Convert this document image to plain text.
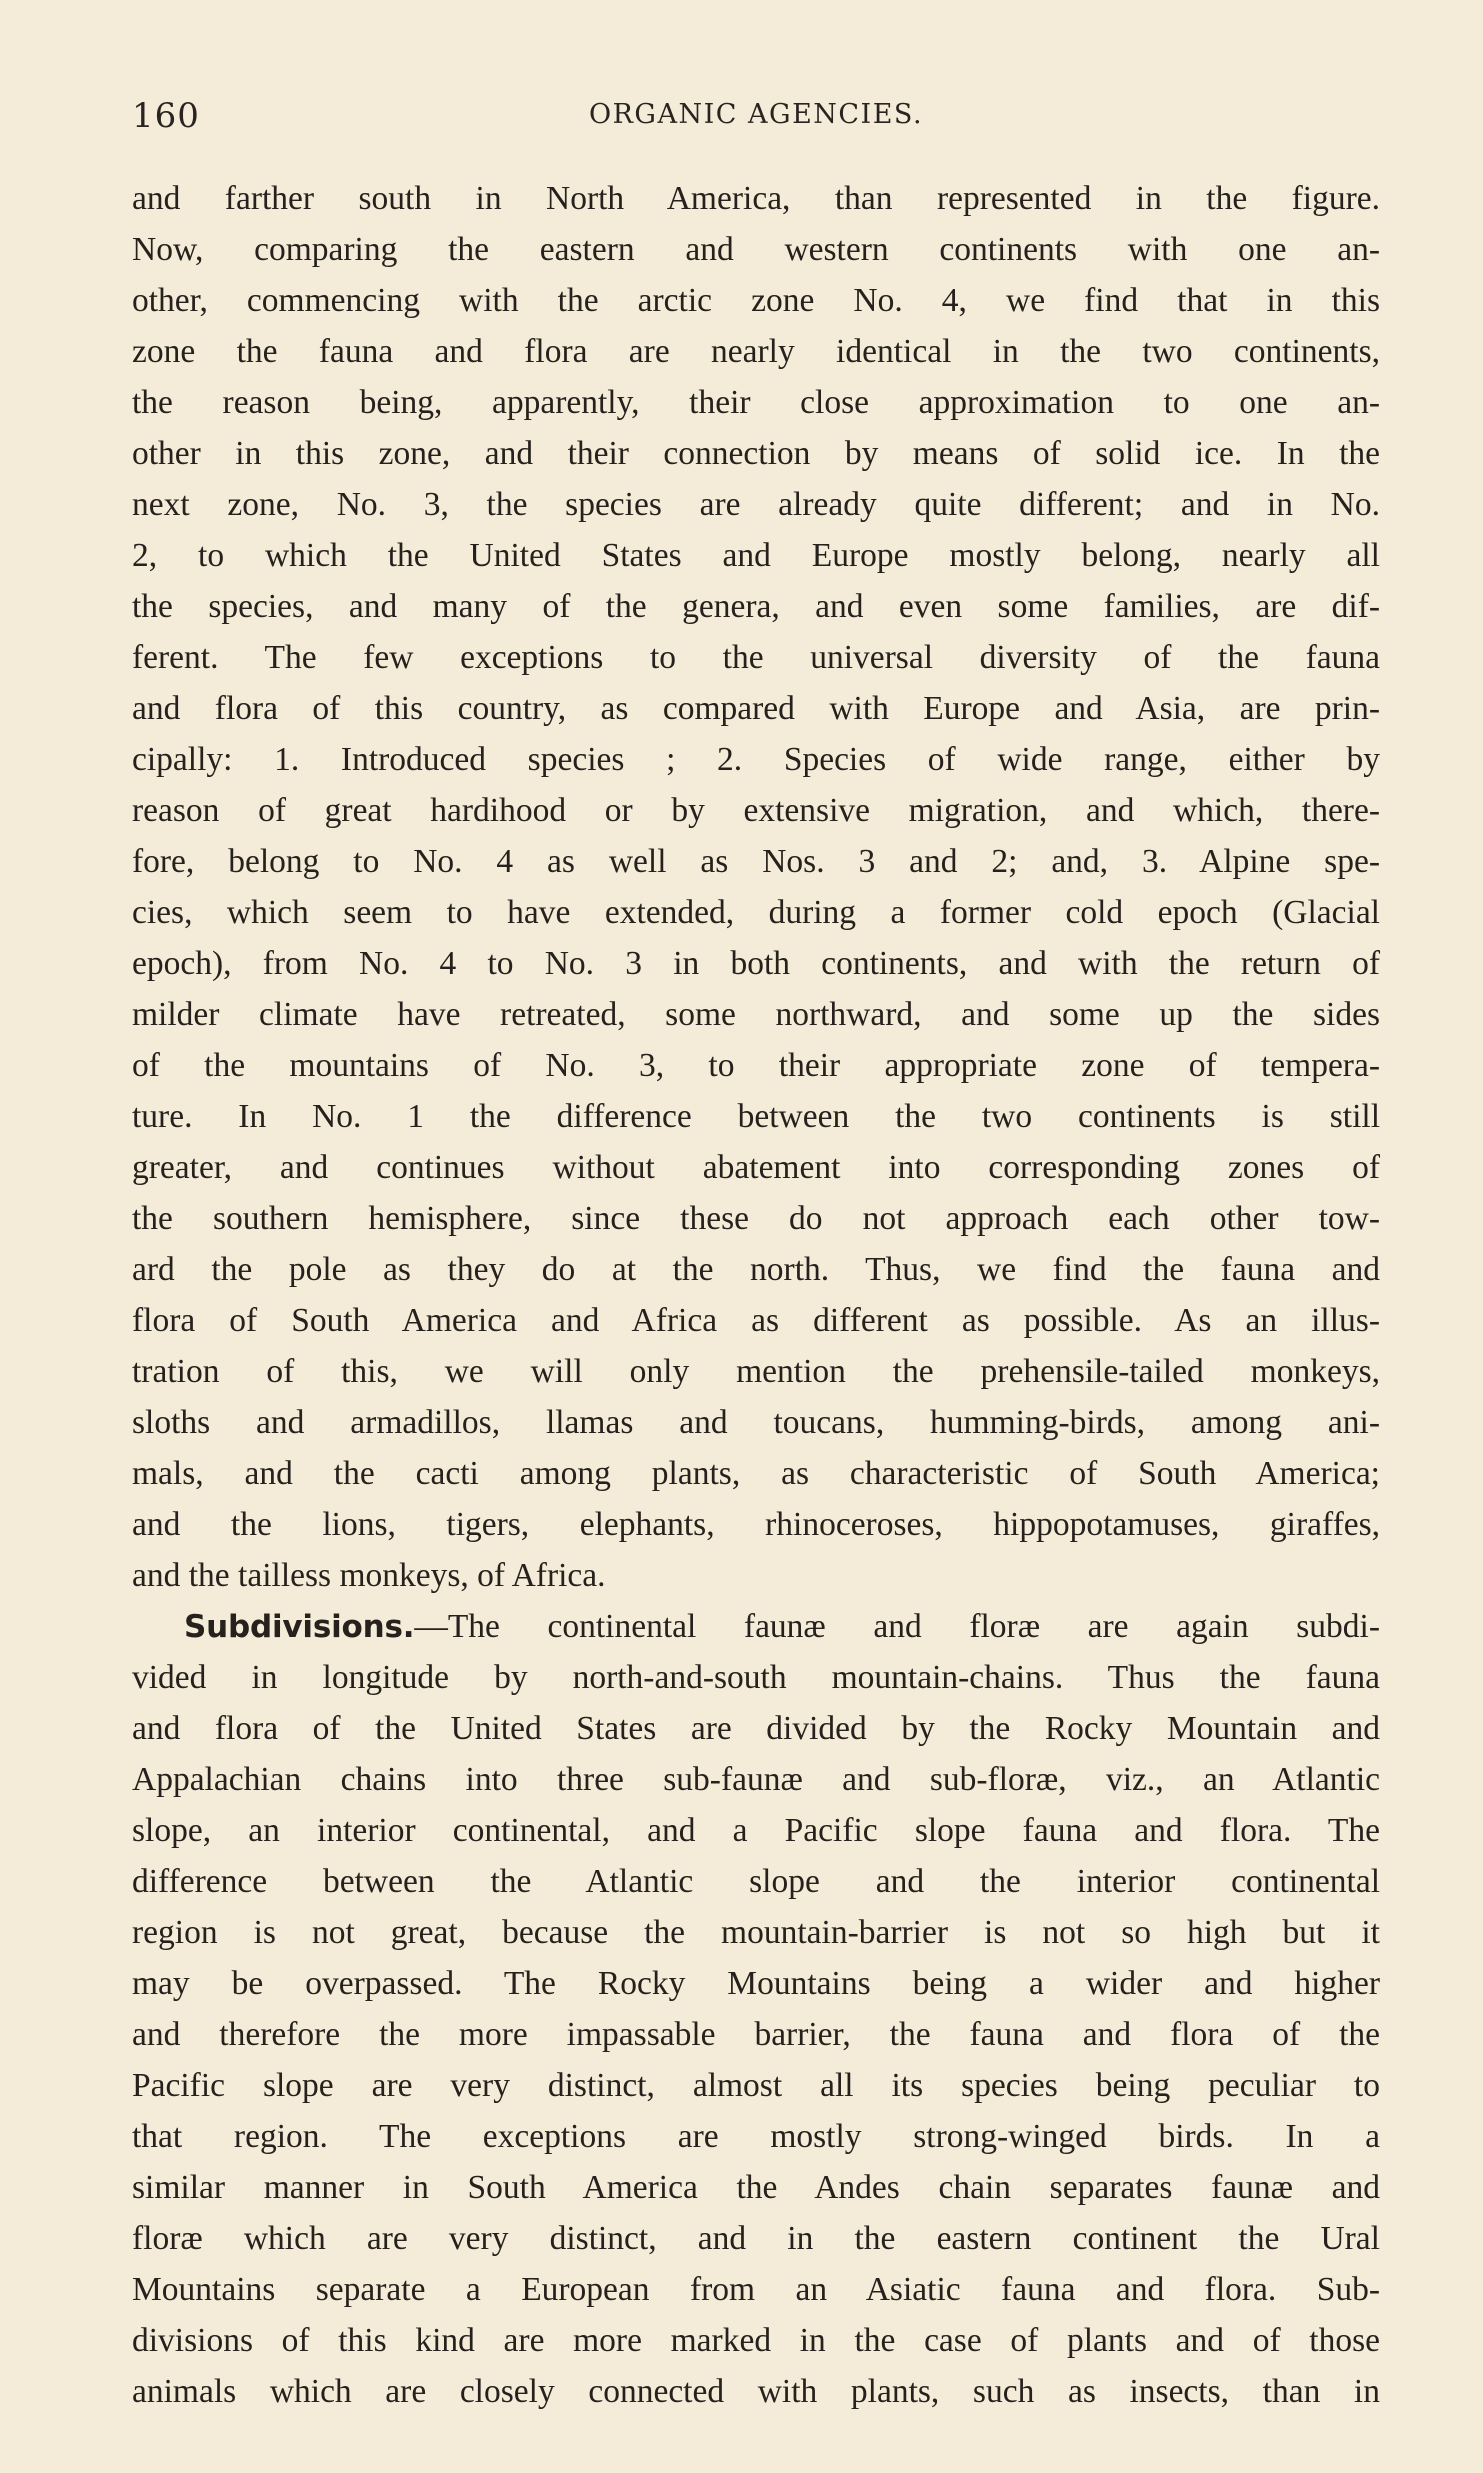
160	ORGANIC AGENCIES.
and farther south in North America, than represented in the figure.
Now, comparing the eastern and western continents with one an-
other, commencing with the arctic zone No. 4, we find that in this
zone the fauna and flora are nearly identical in the two continents,
the reason being, apparently, their close approximation to one an-
other in this zone, and their connection by means of solid ice. In the
next zone, No. 3, the species are already quite different; and in No.
2, to which the United States and Europe mostly belong, nearly all
the species, and many of the genera, and even some families, are dif-
ferent. The few exceptions to the universal diversity of the fauna
and flora of this country, as compared with Europe and Asia, are prin-
cipally: 1. Introduced species ; 2. Species of wide range, either by
reason of great hardihood or by extensive migration, and which, there-
fore, belong to No. 4 as well as Nos. 3 and 2; and, 3. Alpine spe-
cies, which seem to have extended, during a former cold epoch (Glacial
epoch), from No. 4 to No. 3 in both continents, and with the return of
milder climate have retreated, some northward, and some up the sides
of the mountains of No. 3, to their appropriate zone of tempera-
ture. In No. 1 the difference between the two continents is still
greater, and continues without abatement into corresponding zones of
the southern hemisphere, since these do not approach each other tow-
ard the pole as they do at the north. Thus, we find the fauna and
flora of South America and Africa as different as possible. As an illus-
tration of this, we will only mention the prehensile-tailed monkeys,
sloths and armadillos, llamas and toucans, humming-birds, among ani-
mals, and the cacti among plants, as characteristic of South America;
and the lions, tigers, elephants, rhinoceroses, hippopotamuses, giraffes,
and the tailless monkeys, of Africa.
Subdivisions.—The continental faunæ and floræ are again subdi-
vided in longitude by north-and-south mountain-chains. Thus the fauna
and flora of the United States are divided by the Rocky Mountain and
Appalachian chains into three sub-faunæ and sub-floræ, viz., an Atlantic
slope, an interior continental, and a Pacific slope fauna and flora. The
difference between the Atlantic slope and the interior continental
region is not great, because the mountain-barrier is not so high but it
may be overpassed. The Rocky Mountains being a wider and higher
and therefore the more impassable barrier, the fauna and flora of the
Pacific slope are very distinct, almost all its species being peculiar to
that region. The exceptions are mostly strong-winged birds. In a
similar manner in South America the Andes chain separates faunæ and
floræ which are very distinct, and in the eastern continent the Ural
Mountains separate a European from an Asiatic fauna and flora. Sub-
divisions of this kind are more marked in the case of plants and of those
animals which are closely connected with plants, such as insects, than in
